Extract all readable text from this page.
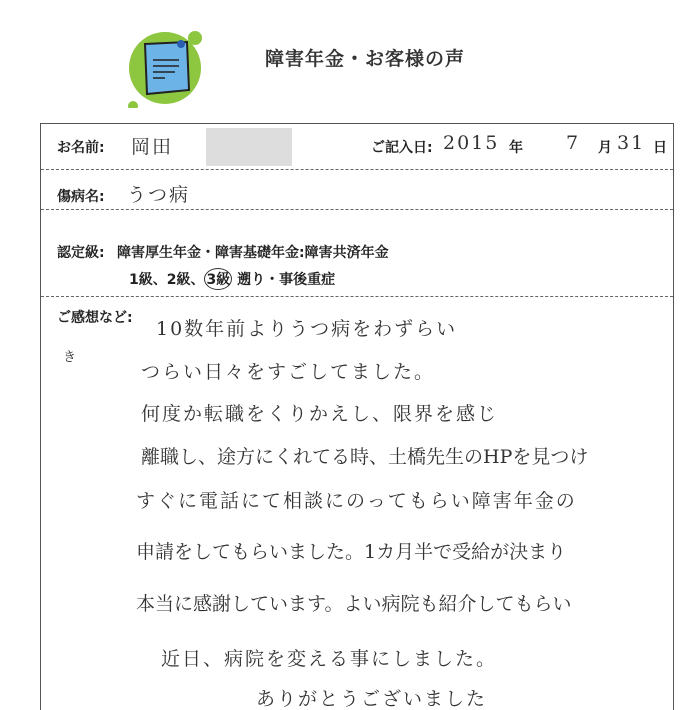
障害年金・お客様の声
お名前: 岡田	ご記入日: 2015 年 7 月 31 日
傷病名: うつ病
認定級: 障害厚生年金・障害基礎年金:障害共済年金
1級、2級、 3級 遡り・事後重症
ご感想など:
き
10数年前よりうつ病をわずらい
つらい日々をすごしてました。
何度か転職をくりかえし、限界を感じ
離職し、途方にくれてる時、土橋先生のHPを見つけ
すぐに電話にて相談にのってもらい障害年金の
申請をしてもらいました。1カ月半で受給が決まり
本当に感謝しています。よい病院も紹介してもらい
近日、病院を変える事にしました。
ありがとうございました
